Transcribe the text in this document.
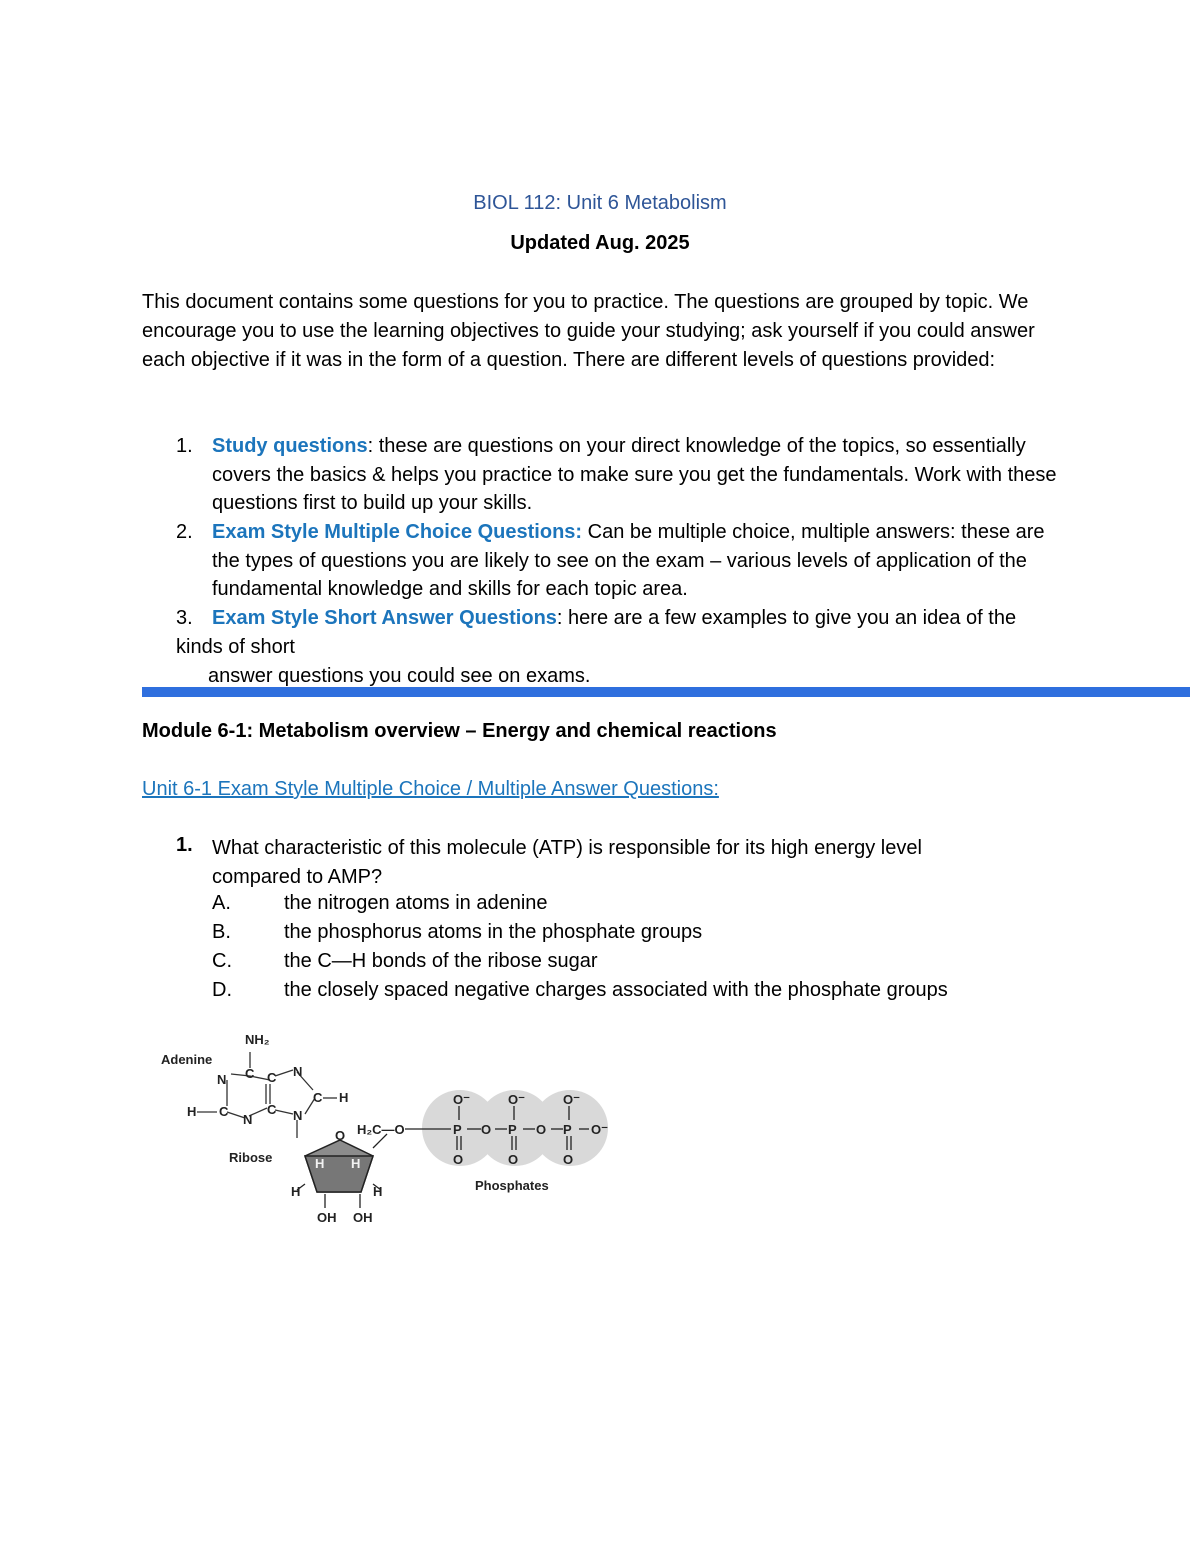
BIOL 112: Unit 6 Metabolism
Updated Aug. 2025

This document contains some questions for you to practice. The questions are grouped by topic. We encourage you to use the learning objectives to guide your studying; ask yourself if you could answer each objective if it was in the form of a question. There are different levels of questions provided:

1. Study questions: these are questions on your direct knowledge of the topics, so essentially covers the basics & helps you practice to make sure you get the fundamentals. Work with these questions first to build up your skills.
2. Exam Style Multiple Choice Questions: Can be multiple choice, multiple answers: these are the types of questions you are likely to see on the exam – various levels of application of the fundamental knowledge and skills for each topic area.
3. Exam Style Short Answer Questions: here are a few examples to give you an idea of the
kinds of short
answer questions you could see on exams.
Module 6-1: Metabolism overview – Energy and chemical reactions
Unit 6-1 Exam Style Multiple Choice / Multiple Answer Questions:
1. What characteristic of this molecule (ATP) is responsible for its high energy level compared to AMP?
A.	the nitrogen atoms in adenine
B.	the phosphorus atoms in the phosphate groups
C.	the C—H bonds of the ribose sugar
D.	the closely spaced negative charges associated with the phosphate groups
NH₂
Adenine
N C C N
H C
N
C
C H
N
O
H H
Ribose
H	H
OH OH
H₂C—O
O⁻	O⁻	O⁻
P O P O P O⁻
O	O	O
Phosphates
